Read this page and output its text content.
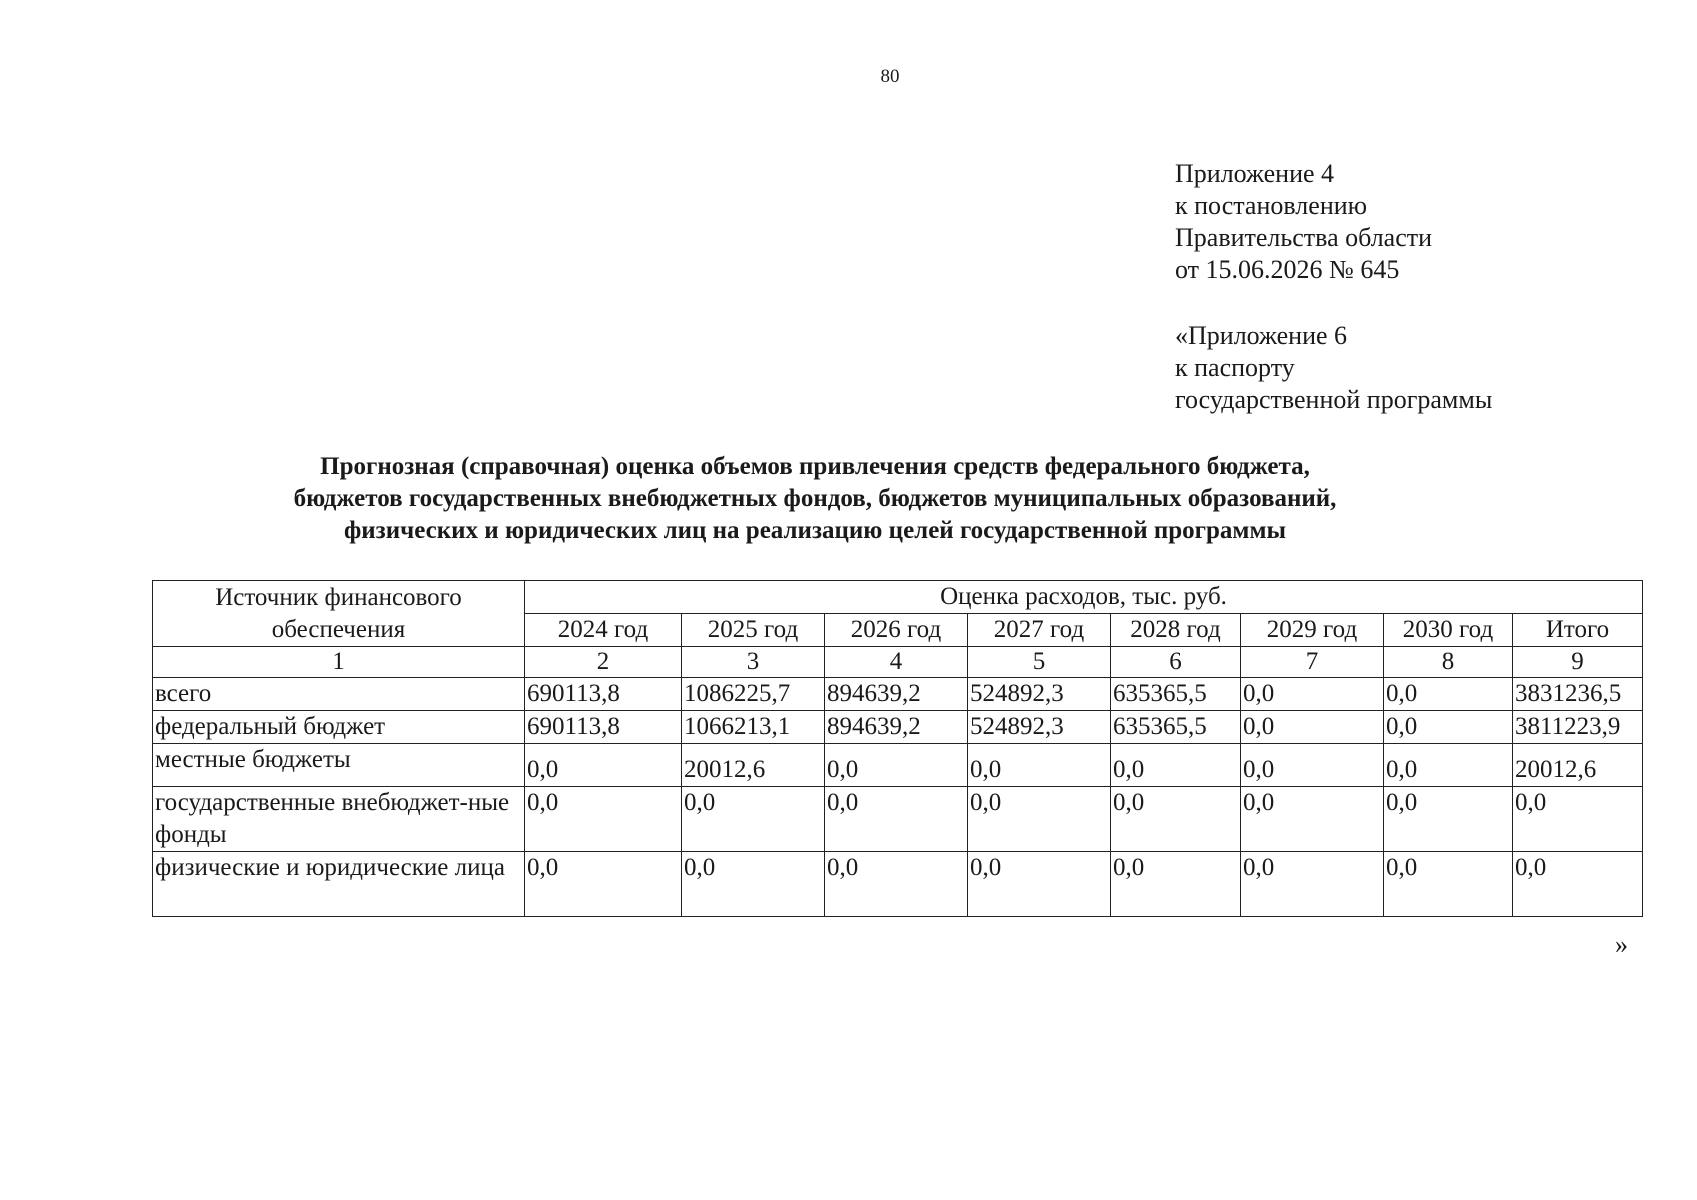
80
Приложение 4
к постановлению
Правительства области
от 15.06.2026 № 645
«Приложение 6
к паспорту
государственной программы
Прогнозная (справочная) оценка объемов привлечения средств федерального бюджета,
бюджетов государственных внебюджетных фондов, бюджетов муниципальных образований,
физических и юридических лиц на реализацию целей государственной программы
Источник финансового обеспечения	Оценка расходов, тыс. руб.							
	2024 год	2025 год	2026 год	2027 год	2028 год	2029 год	2030 год	Итого
1	2	3	4	5	6	7	8	9
всего	690113,8	1086225,7	894639,2	524892,3	635365,5	0,0	0,0	3831236,5
федеральный бюджет	690113,8	1066213,1	894639,2	524892,3	635365,5	0,0	0,0	3811223,9
местные бюджеты	0,0	20012,6	0,0	0,0	0,0	0,0	0,0	20012,6
государственные внебюджет-ные фонды	0,0	0,0	0,0	0,0	0,0	0,0	0,0	0,0
физические и юридические лица	0,0	0,0	0,0	0,0	0,0	0,0	0,0	0,0
»
